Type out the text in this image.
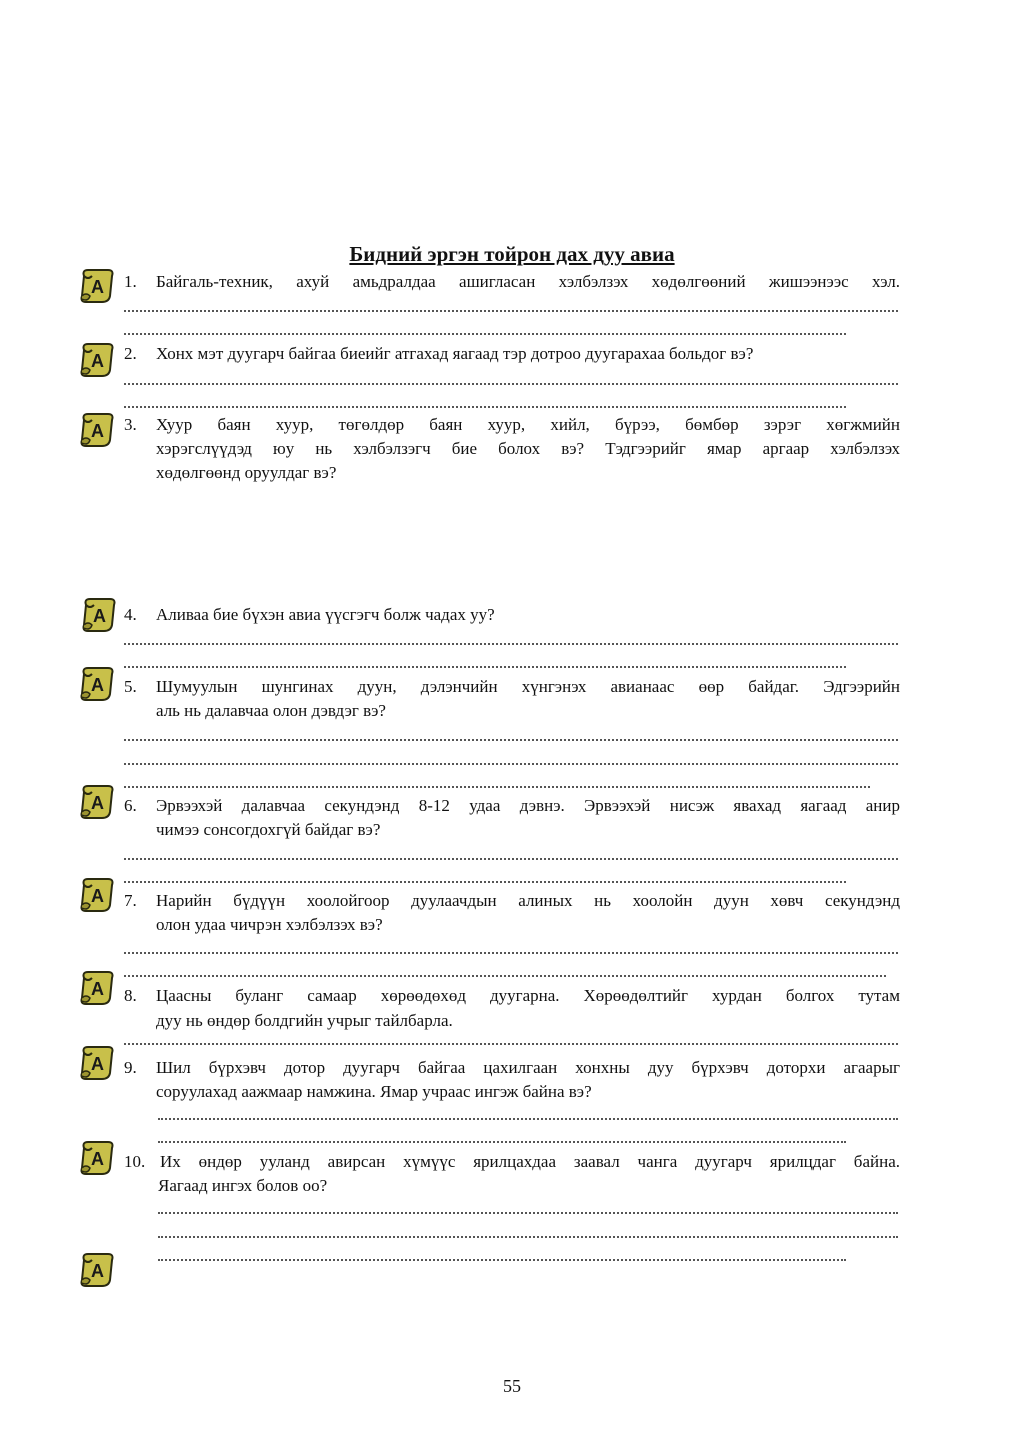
Бидний эргэн тойрон дах дуу авиа
1. Байгаль-техник, ахуй амьдралдаа ашигласан хэлбэлзэх хөдөлгөөний жишээнээс хэл.
2. Хонх мэт дуугарч байгаа биеийг атгахад яагаад тэр дотроо дуугарахаа больдог вэ?
3. Хуур баян хуур, төгөлдөр баян хуур, хийл, бүрээ, бөмбөр зэрэг хөгжмийн
хэрэгслүүдэд юу нь хэлбэлзэгч бие болох вэ? Тэдгээрийг ямар аргаар хэлбэлзэх
хөдөлгөөнд оруулдаг вэ?
4. Аливаа бие бүхэн авиа үүсгэгч болж чадах уу?
5. Шумуулын шунгинах дуун, дэлэнчийн хүнгэнэх авианаас өөр байдаг. Эдгээрийн
аль нь далавчаа олон дэвдэг вэ?
6. Эрвээхэй далавчаа секундэнд 8-12 удаа дэвнэ. Эрвээхэй нисэж явахад яагаад анир
чимээ сонсогдохгүй байдаг вэ?
7. Нарийн бүдүүн хоолойгоор дуулаачдын алиных нь хоолойн дуун хөвч секундэнд
олон удаа чичрэн хэлбэлзэх вэ?
8. Цаасны буланг самаар хөрөөдөхөд дуугарна. Хөрөөдөлтийг хурдан болгох тутам
дуу нь өндөр болдгийн учрыг тайлбарла.
9. Шил бүрхэвч дотор дуугарч байгаа цахилгаан хонхны дуу бүрхэвч доторхи агаарыг
соруулахад аажмаар намжина. Ямар учраас ингэж байна вэ?
10. Их өндөр ууланд авирсан хүмүүс ярилцахдаа заавал чанга дуугарч ярилцдаг байна.
Яагаад ингэх болов оо?
55
